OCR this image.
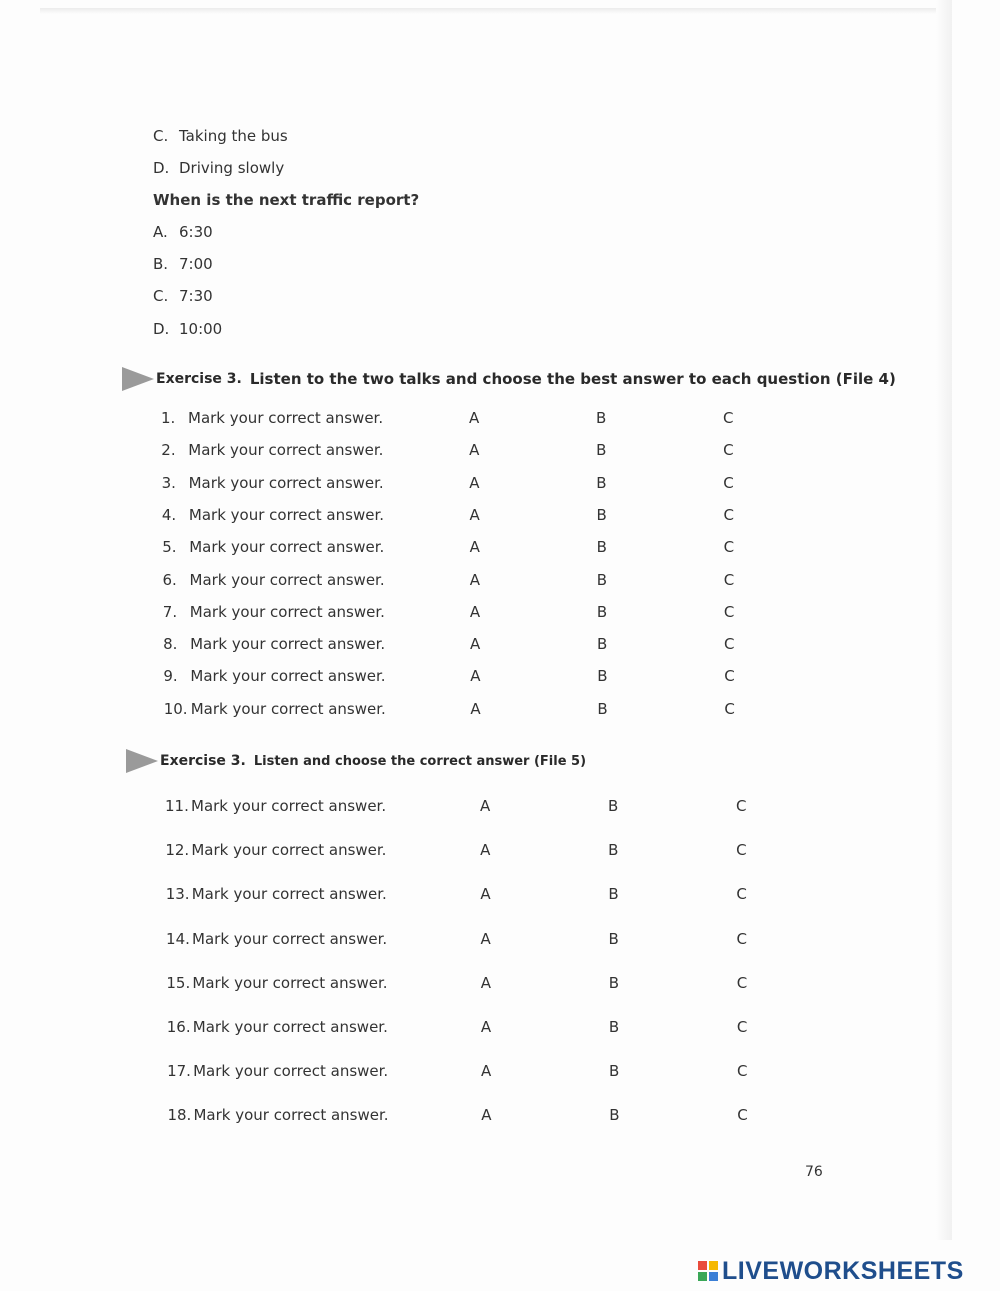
C. Taking the bus
D. Driving slowly
When is the next traffic report?
A. 6:30
B. 7:00
C. 7:30
D. 10:00
Exercise 3. Listen to the two talks and choose the best answer to each question (File 4)
1. Mark your correct answer.	A	B	C
2. Mark your correct answer.	A	B	C
3. Mark your correct answer.	A	B	C
4. Mark your correct answer.	A	B	C
5. Mark your correct answer.	A	B	C
6. Mark your correct answer.	A	B	C
7. Mark your correct answer.	A	B	C
8. Mark your correct answer.	A	B	C
9. Mark your correct answer.	A	B	C
10. Mark your correct answer.	A	B	C
Exercise 3. Listen and choose the correct answer (File 5)
11. Mark your correct answer.	A	B	C
12. Mark your correct answer.	A	B	C
13. Mark your correct answer.	A	B	C
14. Mark your correct answer.	A	B	C
15. Mark your correct answer.	A	B	C
16. Mark your correct answer.	A	B	C
17. Mark your correct answer.	A	B	C
18. Mark your correct answer.	A	B	C
76
LIVEWORKSHEETS
